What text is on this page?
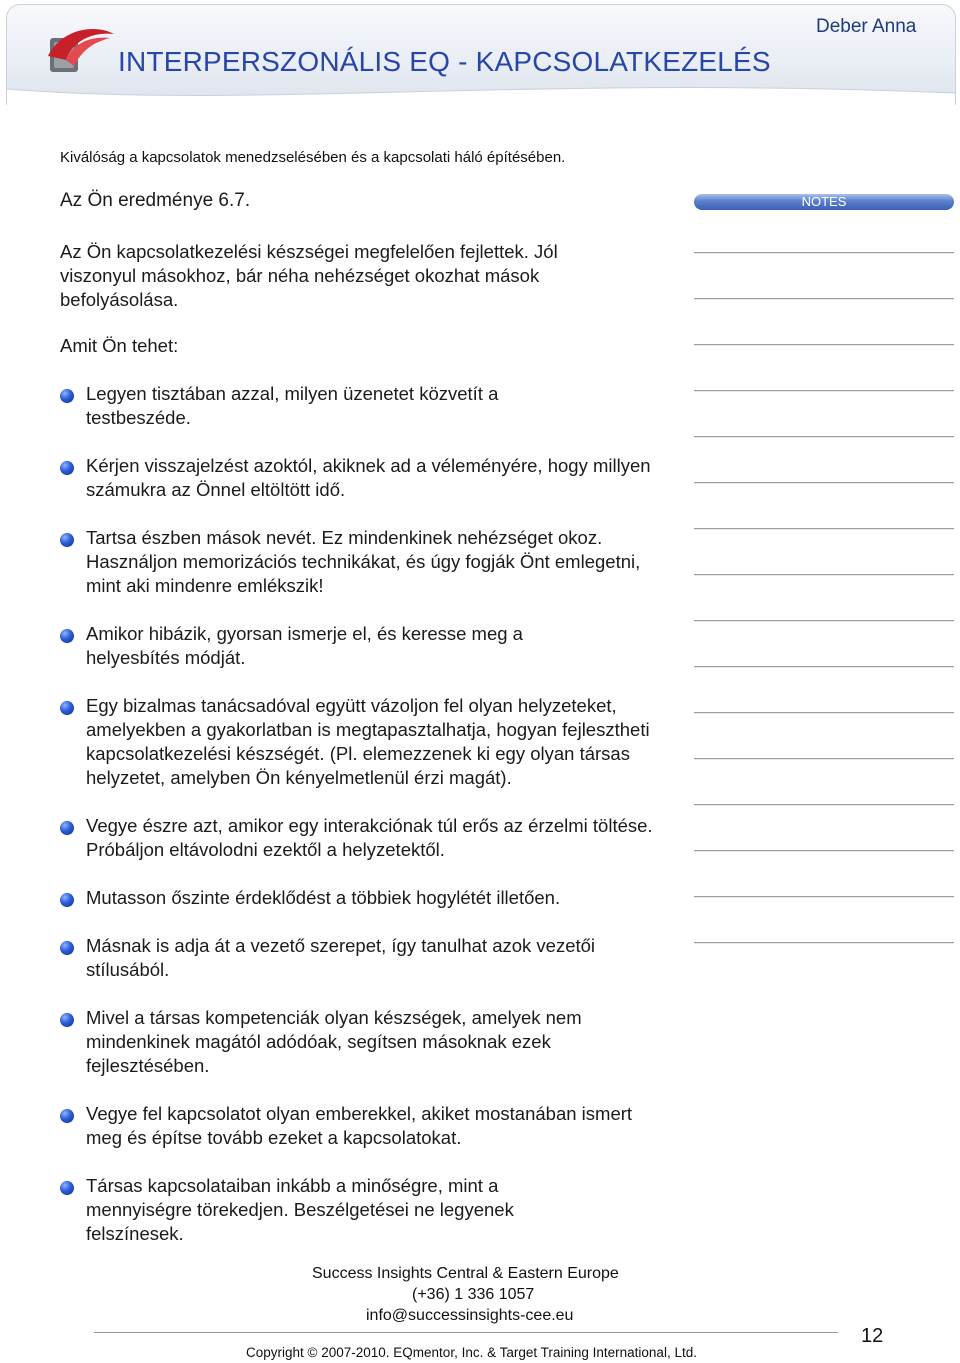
Deber Anna
INTERPERSZONÁLIS EQ - KAPCSOLATKEZELÉS
Kiválóság a kapcsolatok menedzselésében és a kapcsolati háló építésében.
Az Ön eredménye 6.7.
Az Ön kapcsolatkezelési készségei megfelelően fejlettek. Jól viszonyul másokhoz, bár néha nehézséget okozhat mások befolyásolása.
Amit Ön tehet:
Legyen tisztában azzal, milyen üzenetet közvetít a testbeszéde.
Kérjen visszajelzést azoktól, akiknek ad a véleményére, hogy millyen számukra az Önnel eltöltött idő.
Tartsa észben mások nevét. Ez mindenkinek nehézséget okoz. Használjon memorizációs technikákat, és úgy fogják Önt emlegetni, mint aki mindenre emlékszik!
Amikor hibázik, gyorsan ismerje el, és keresse meg a helyesbítés módját.
Egy bizalmas tanácsadóval együtt vázoljon fel olyan helyzeteket, amelyekben a gyakorlatban is megtapasztalhatja, hogyan fejlesztheti kapcsolatkezelési készségét. (Pl. elemezzenek ki egy olyan társas helyzetet, amelyben Ön kényelmetlenül érzi magát).
Vegye észre azt, amikor egy interakciónak túl erős az érzelmi töltése. Próbáljon eltávolodni ezektől a helyzetektől.
Mutasson őszinte érdeklődést a többiek hogylétét illetően.
Másnak is adja át a vezető szerepet, így tanulhat azok vezetői stílusából.
Mivel a társas kompetenciák olyan készségek, amelyek nem mindenkinek magától adódóak, segítsen másoknak ezek fejlesztésében.
Vegye fel kapcsolatot olyan emberekkel, akiket mostanában ismert meg és építse tovább ezeket a kapcsolatokat.
Társas kapcsolataiban inkább a minőségre, mint a mennyiségre törekedjen. Beszélgetései ne legyenek felszínesek.
NOTES
Success Insights Central & Eastern Europe
(+36) 1 336 1057
info@successinsights-cee.eu
Copyright © 2007-2010. EQmentor, Inc. & Target Training International, Ltd.
12
